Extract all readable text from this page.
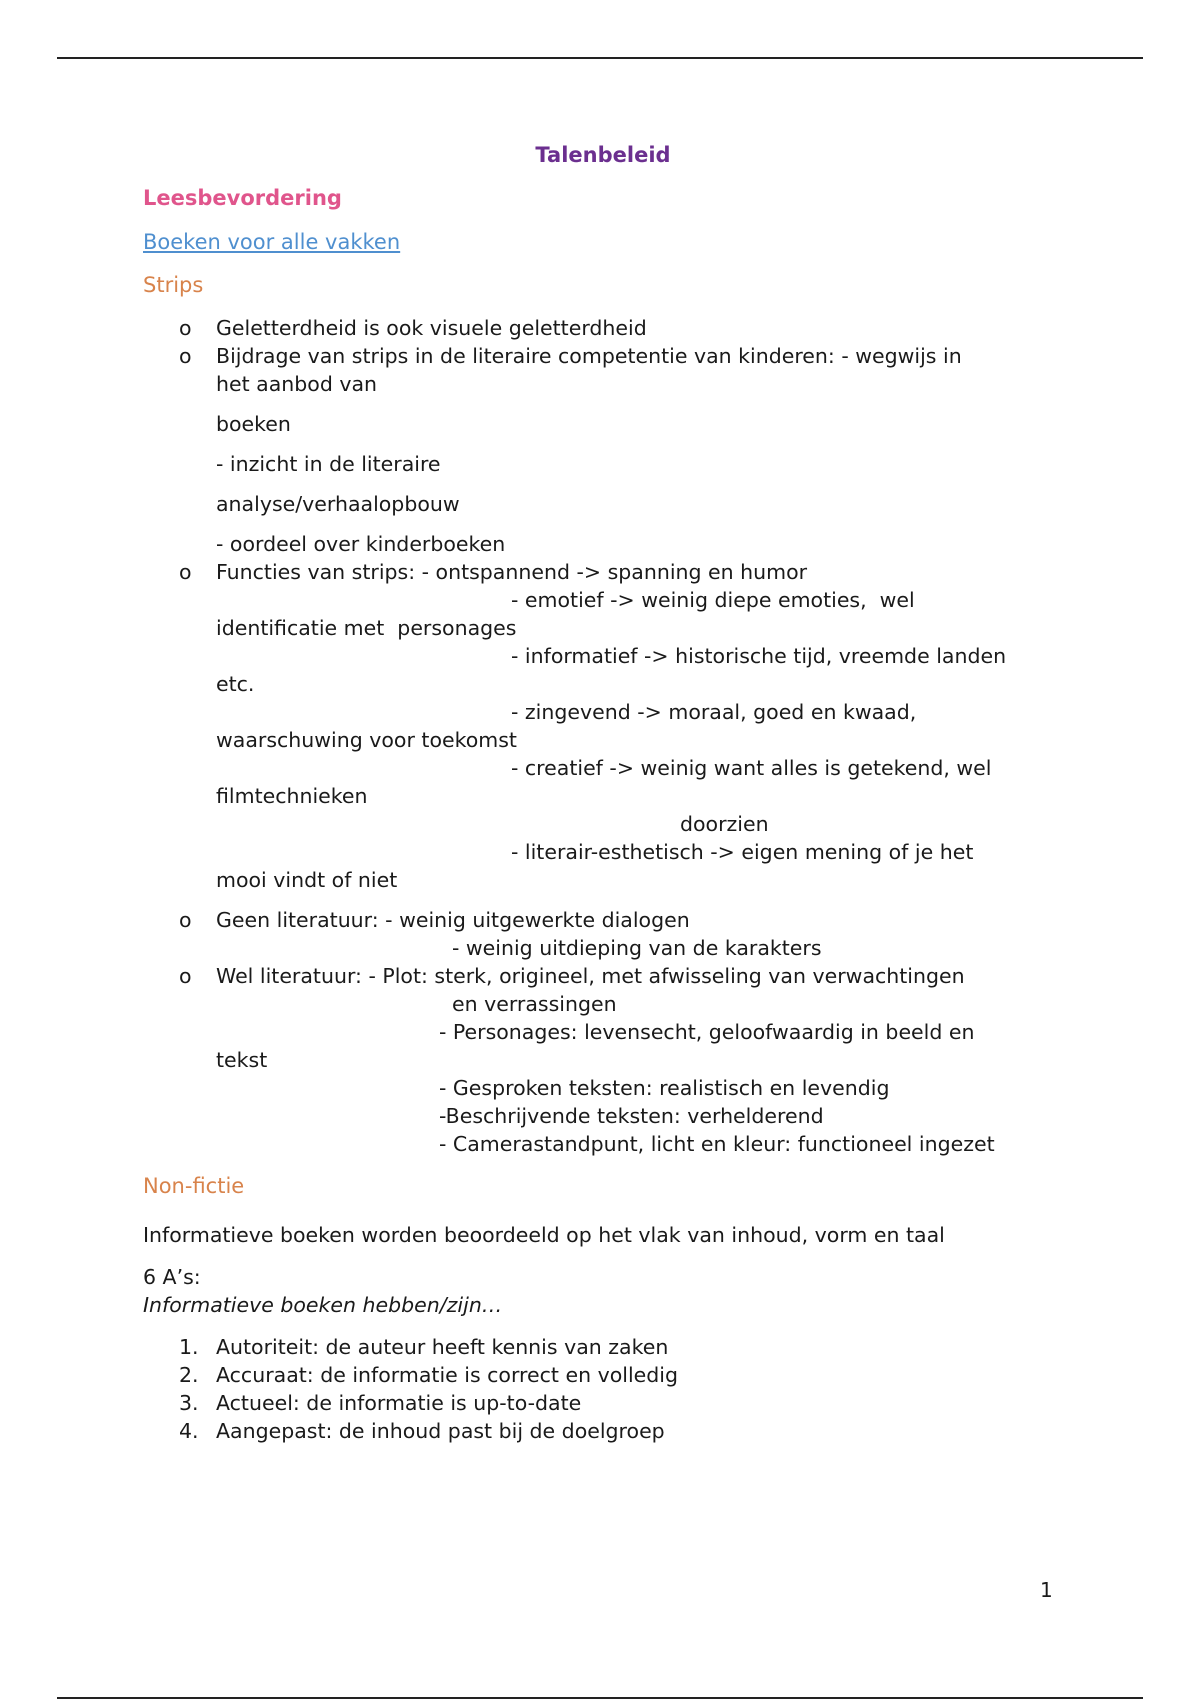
Talenbeleid
Leesbevordering
Boeken voor alle vakken
Strips
o	Geletterdheid is ook visuele geletterdheid
o	Bijdrage van strips in de literaire competentie van kinderen: - wegwijs in
het aanbod van
boeken
- inzicht in de literaire
analyse/verhaalopbouw
- oordeel over kinderboeken
o	Functies van strips: - ontspannend -> spanning en humor
- emotief -> weinig diepe emoties,  wel
identificatie met  personages
- informatief -> historische tijd, vreemde landen
etc.
- zingevend -> moraal, goed en kwaad,
waarschuwing voor toekomst
- creatief -> weinig want alles is getekend, wel
filmtechnieken
doorzien
- literair-esthetisch -> eigen mening of je het
mooi vindt of niet
o	Geen literatuur: - weinig uitgewerkte dialogen
- weinig uitdieping van de karakters
o	Wel literatuur: - Plot: sterk, origineel, met afwisseling van verwachtingen
en verrassingen
- Personages: levensecht, geloofwaardig in beeld en
tekst
- Gesproken teksten: realistisch en levendig
-Beschrijvende teksten: verhelderend
- Camerastandpunt, licht en kleur: functioneel ingezet
Non-fictie
Informatieve boeken worden beoordeeld op het vlak van inhoud, vorm en taal
6 A’s:
Informatieve boeken hebben/zijn…
1. Autoriteit: de auteur heeft kennis van zaken
2. Accuraat: de informatie is correct en volledig
3. Actueel: de informatie is up-to-date
4. Aangepast: de inhoud past bij de doelgroep
1
